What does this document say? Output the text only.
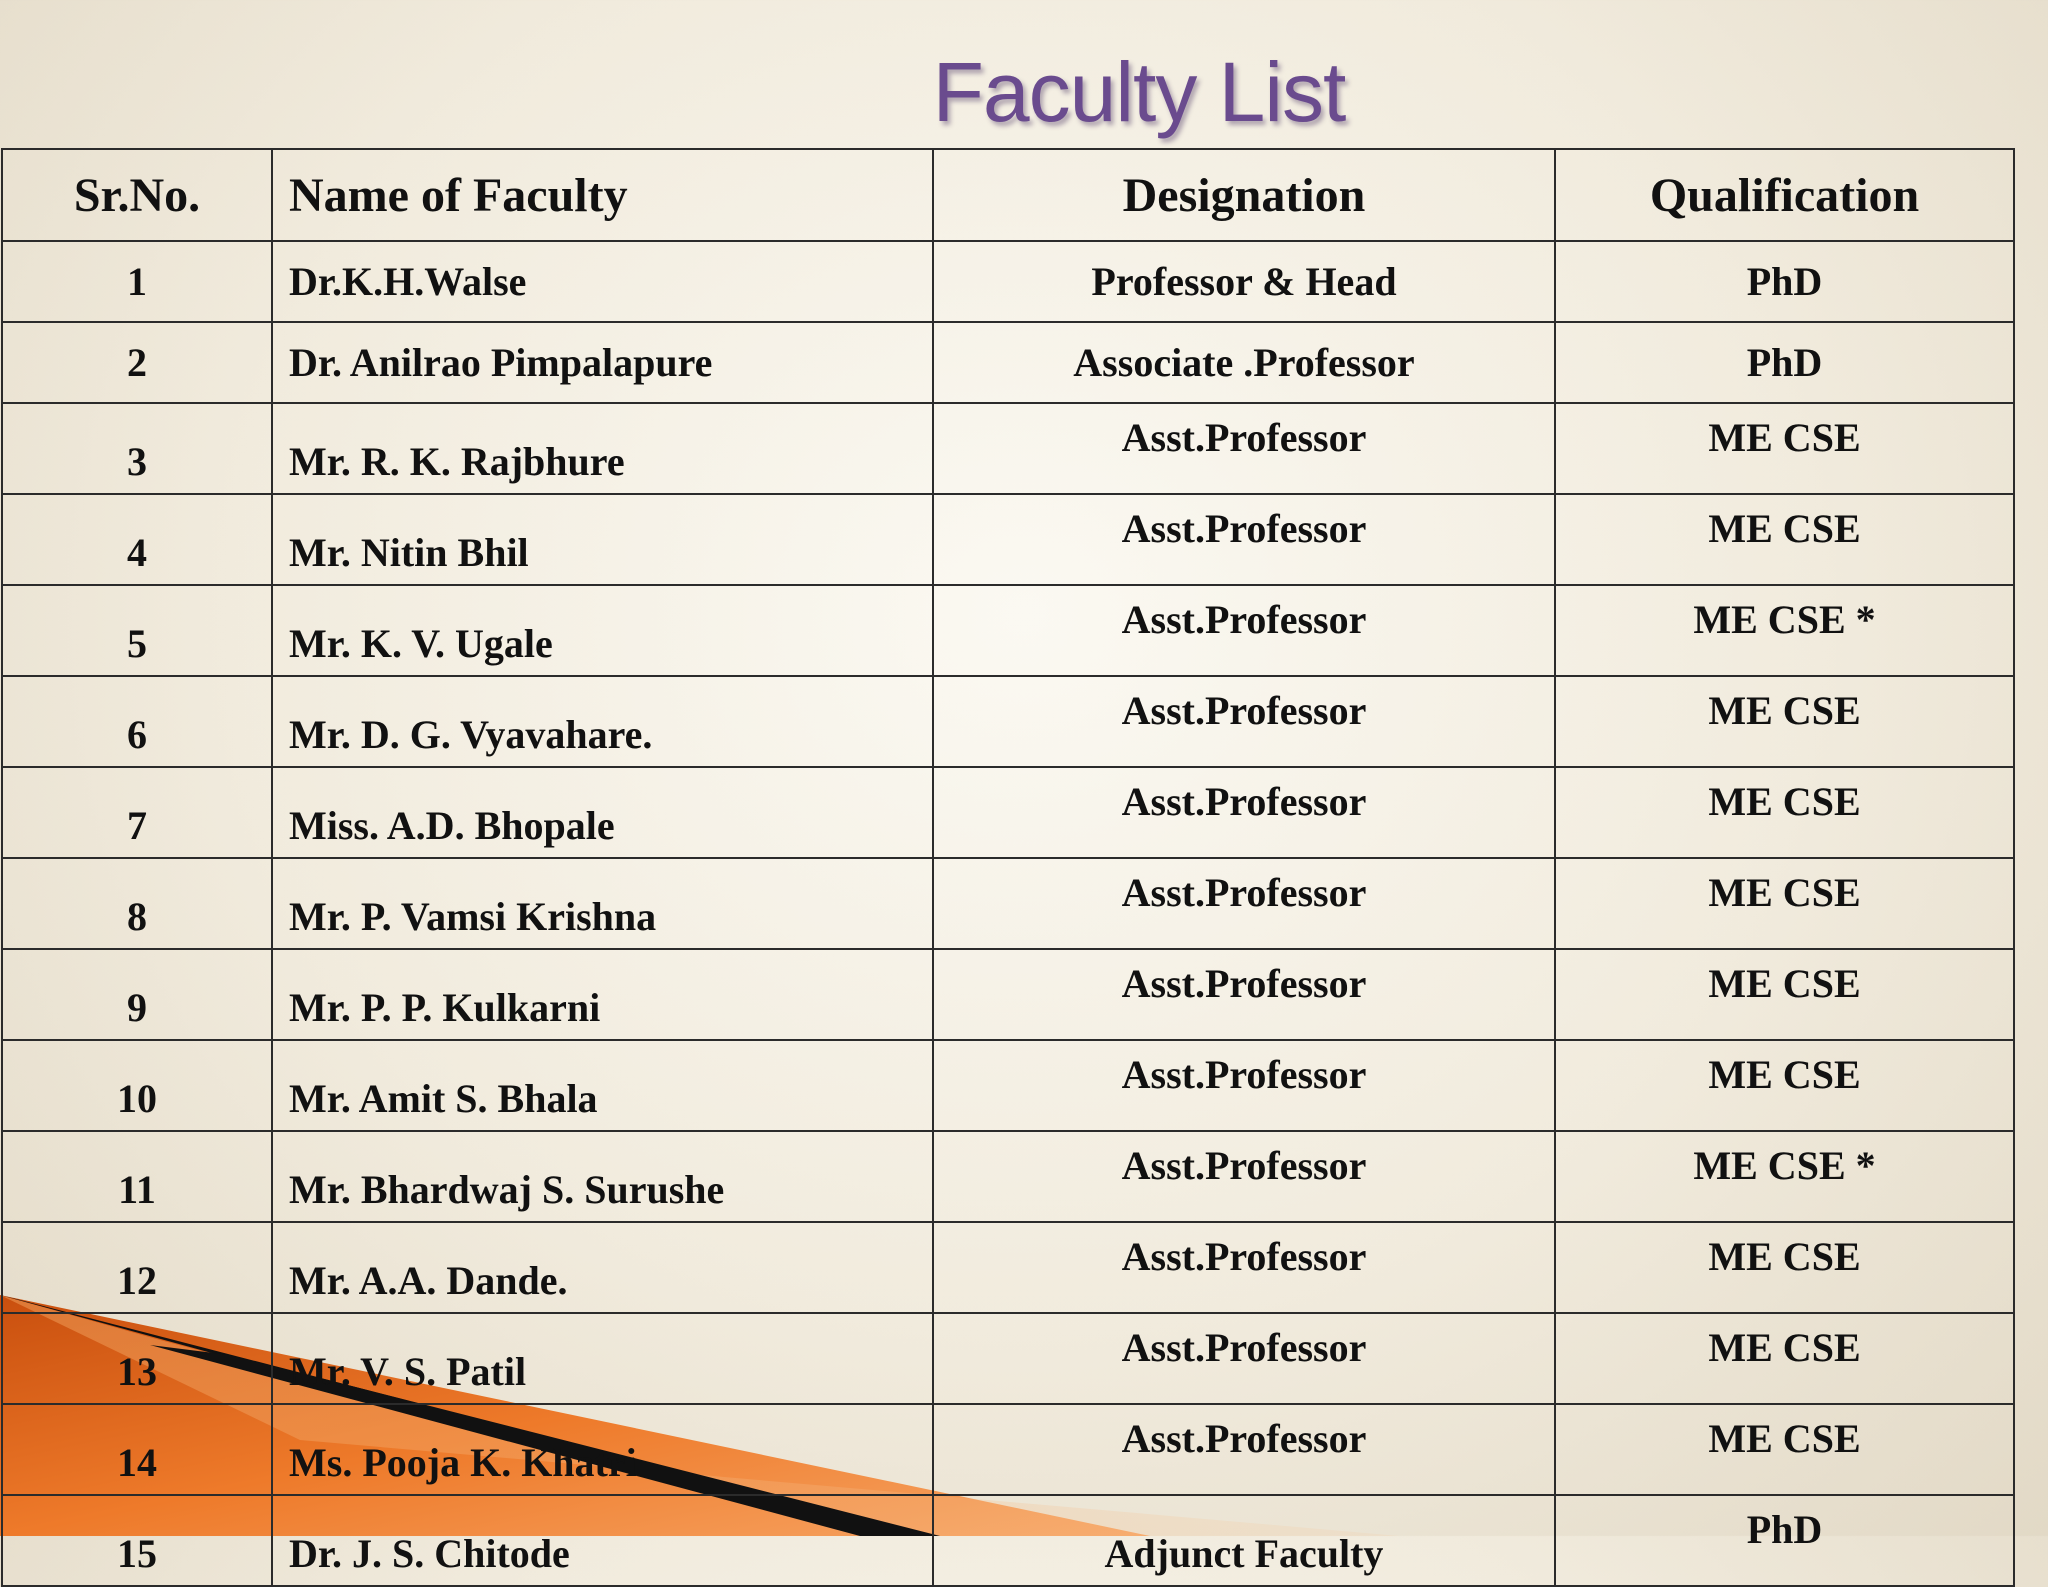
Faculty List
Sr.No.	Name of Faculty	Designation	Qualification
1	Dr.K.H.Walse	Professor & Head	PhD
2	Dr. Anilrao Pimpalapure	Associate .Professor	PhD
3	Mr. R. K. Rajbhure	Asst.Professor	ME CSE
4	Mr. Nitin Bhil	Asst.Professor	ME CSE
5	Mr. K. V. Ugale	Asst.Professor	ME CSE *
6	Mr. D. G. Vyavahare.	Asst.Professor	ME CSE
7	Miss. A.D. Bhopale	Asst.Professor	ME CSE
8	Mr. P. Vamsi Krishna	Asst.Professor	ME CSE
9	Mr. P. P. Kulkarni	Asst.Professor	ME CSE
10	Mr. Amit S. Bhala	Asst.Professor	ME CSE
11	Mr. Bhardwaj S. Surushe	Asst.Professor	ME CSE *
12	Mr. A.A. Dande.	Asst.Professor	ME CSE
13	Mr. V. S. Patil	Asst.Professor	ME CSE
14	Ms. Pooja K. Khatri	Asst.Professor	ME CSE
15	Dr. J. S. Chitode	Adjunct Faculty	PhD
